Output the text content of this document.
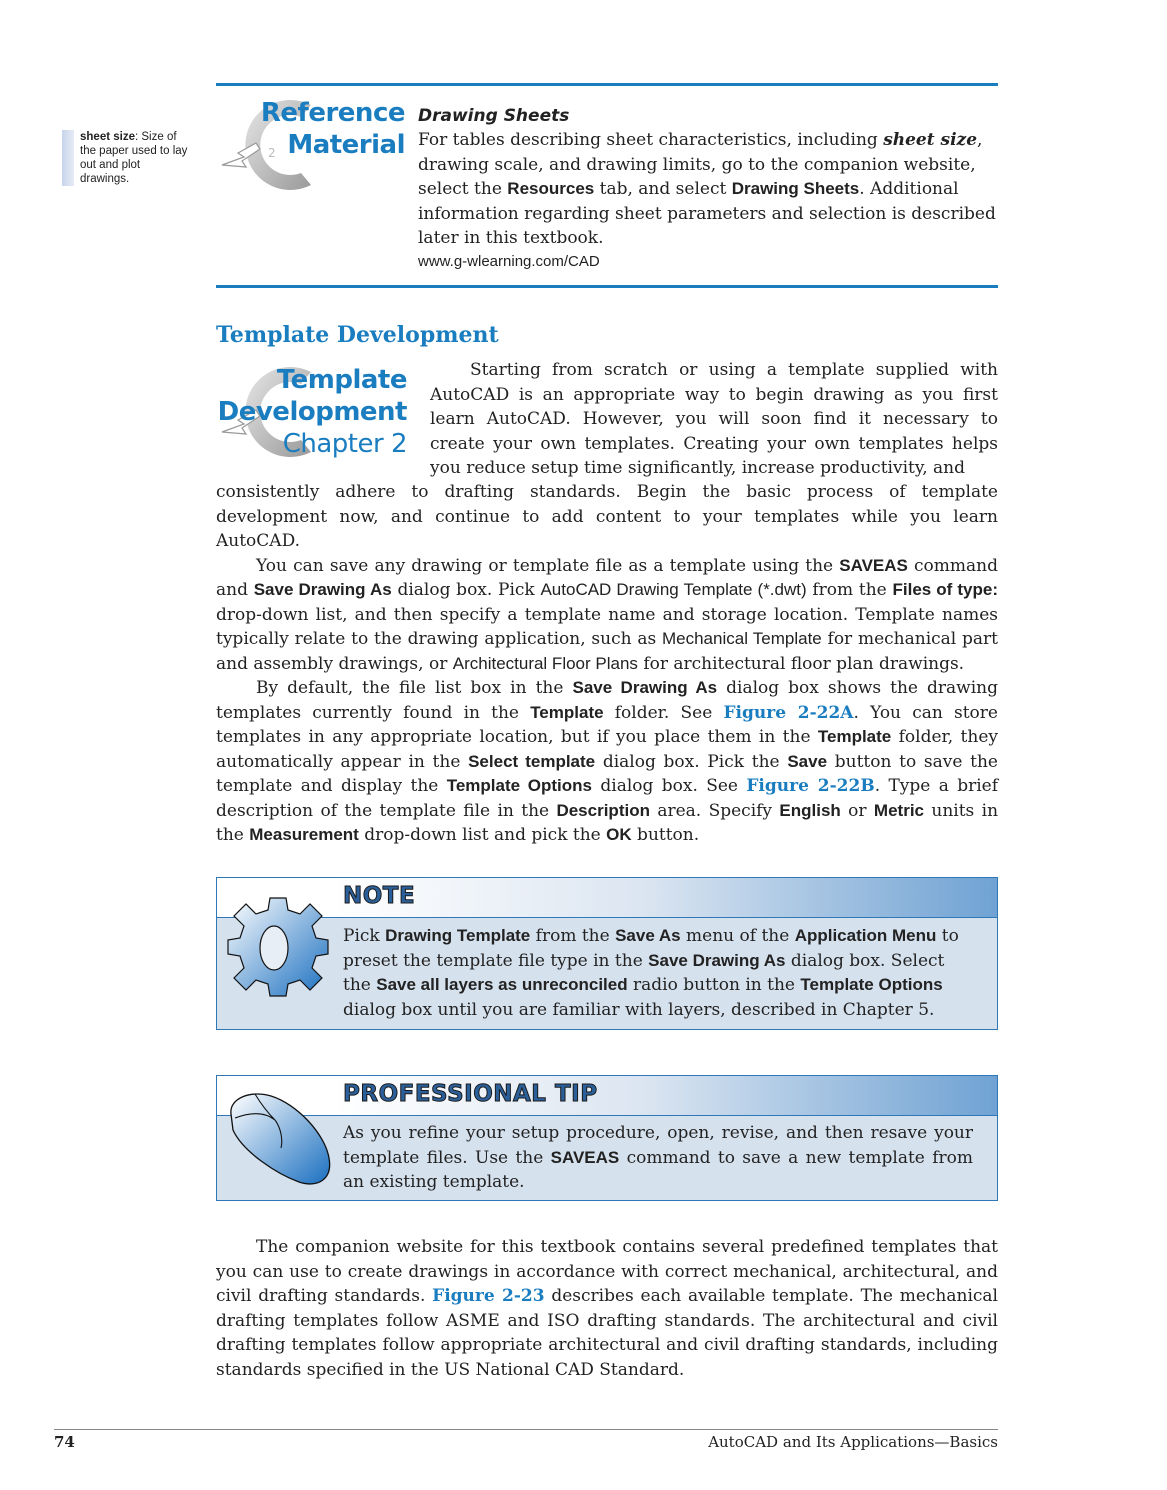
sheet size: Size of the paper used to lay out and plot drawings.
2
Reference
Material
Drawing Sheets
For tables describing sheet characteristics, including sheet size, drawing scale, and drawing limits, go to the companion website, select the Resources tab, and select Drawing Sheets. Additional information regarding sheet parameters and selection is described later in this textbook.
www.g-wlearning.com/CAD
Template Development
Template
Development
Chapter 2

Starting from scratch or using a template supplied with AutoCAD is an appropriate way to begin drawing as you first learn AutoCAD. However, you will soon find it necessary to create your own templates. Creating your own templates helps you reduce setup time significantly, increase productivity, and

consistently adhere to drafting standards. Begin the basic process of template development now, and continue to add content to your templates while you learn AutoCAD.

You can save any drawing or template file as a template using the SAVEAS command and Save Drawing As dialog box. Pick AutoCAD Drawing Template (*.dwt) from the Files of type: drop-down list, and then specify a template name and storage location. Template names typically relate to the drawing application, such as Mechanical Template for mechanical part and assembly drawings, or Architectural Floor Plans for architectural floor plan drawings.

By default, the file list box in the Save Drawing As dialog box shows the drawing templates currently found in the Template folder. See Figure 2-22A. You can store templates in any appropriate location, but if you place them in the Template folder, they automatically appear in the Select template dialog box. Pick the Save button to save the template and display the Template Options dialog box. See Figure 2-22B. Type a brief description of the template file in the Description area. Specify English or Metric units in the Measurement drop-down list and pick the OK button.

NOTE
Pick Drawing Template from the Save As menu of the Application Menu to preset the template file type in the Save Drawing As dialog box. Select the Save all layers as unreconciled radio button in the Template Options dialog box until you are familiar with layers, described in Chapter 5.
PROFESSIONAL TIP
As you refine your setup procedure, open, revise, and then resave your template files. Use the SAVEAS command to save a new template from an existing template.

The companion website for this textbook contains several predefined templates that you can use to create drawings in accordance with correct mechanical, architectural, and civil drafting standards. Figure 2-23 describes each available template. The mechanical drafting templates follow ASME and ISO drafting standards. The architectural and civil drafting templates follow appropriate architectural and civil drafting standards, including standards specified in the US National CAD Standard.

74	AutoCAD and Its Applications—Basics
